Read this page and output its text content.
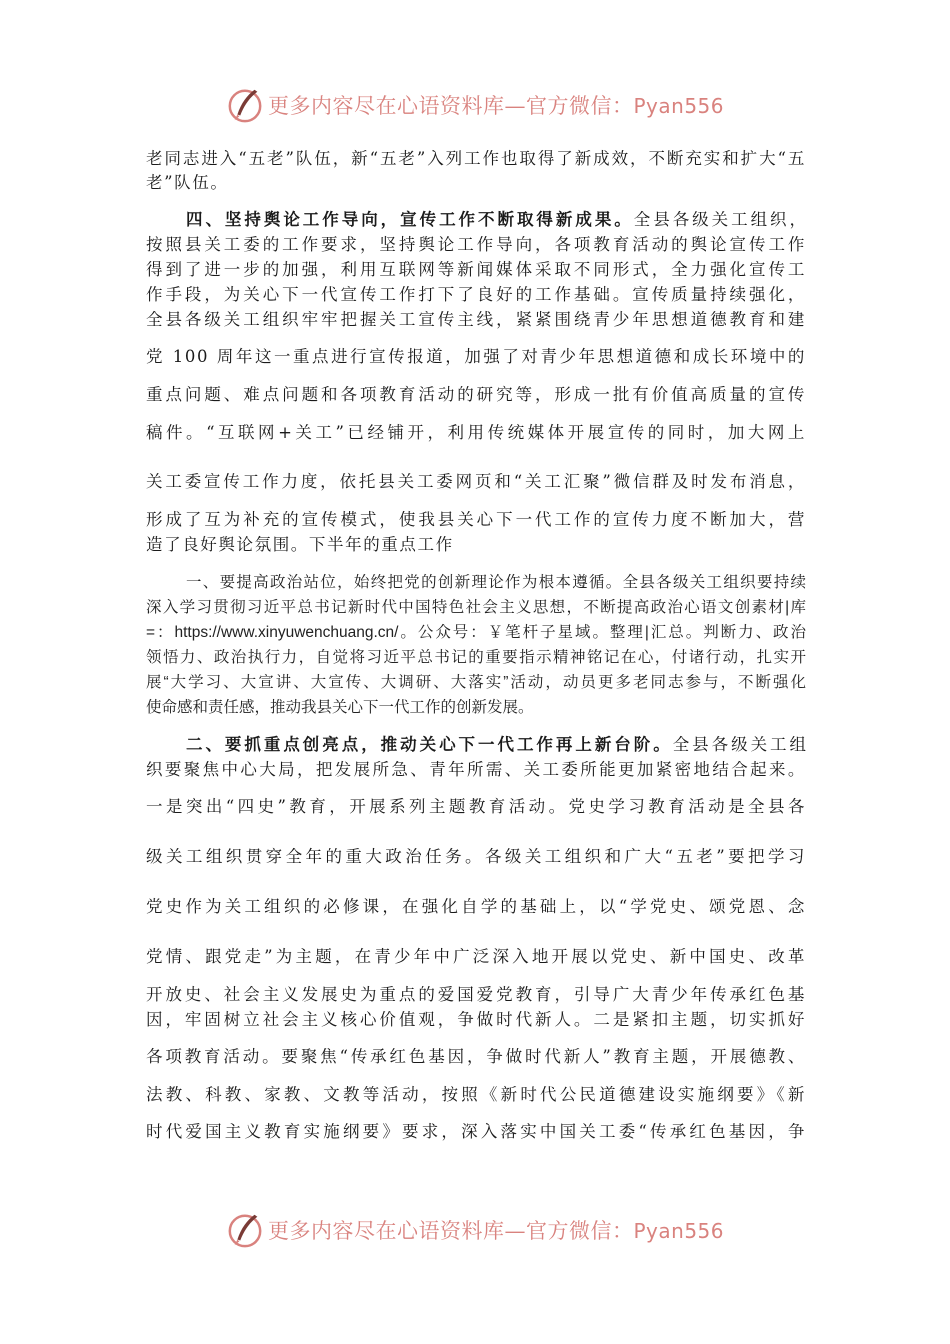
更多内容尽在心语资料库—官方微信：Pyan556
老同志进入“五老”队伍，新“五老”入列工作也取得了新成效，不断充实和扩大“五
老”队伍。
四、坚持舆论工作导向，宣传工作不断取得新成果。全县各级关工组织，
按照县关工委的工作要求，坚持舆论工作导向，各项教育活动的舆论宣传工作
得到了进一步的加强，利用互联网等新闻媒体采取不同形式，全力强化宣传工
作手段，为关心下一代宣传工作打下了良好的工作基础。宣传质量持续强化，
全县各级关工组织牢牢把握关工宣传主线，紧紧围绕青少年思想道德教育和建
党 100 周年这一重点进行宣传报道，加强了对青少年思想道德和成长环境中的
重点问题、难点问题和各项教育活动的研究等，形成一批有价值高质量的宣传
稿件。“互联网+关工”已经铺开，利用传统媒体开展宣传的同时，加大网上
关工委宣传工作力度，依托县关工委网页和“关工汇聚”微信群及时发布消息，
形成了互为补充的宣传模式，使我县关心下一代工作的宣传力度不断加大，营
造了良好舆论氛围。下半年的重点工作
一、要提高政治站位，始终把党的创新理论作为根本遵循。全县各级关工组织要持续
深入学习贯彻习近平总书记新时代中国特色社会主义思想，不断提高政治心语文创素材|库
=：https://www.xinyuwenchuang.cn/。公众号：￥笔杆子星域。整理|汇总。判断力、政治
领悟力、政治执行力，自觉将习近平总书记的重要指示精神铭记在心，付诸行动，扎实开
展“大学习、大宣讲、大宣传、大调研、大落实”活动，动员更多老同志参与，不断强化
使命感和责任感，推动我县关心下一代工作的创新发展。
二、要抓重点创亮点，推动关心下一代工作再上新台阶。全县各级关工组
织要聚焦中心大局，把发展所急、青年所需、关工委所能更加紧密地结合起来。
一是突出“四史”教育，开展系列主题教育活动。党史学习教育活动是全县各
级关工组织贯穿全年的重大政治任务。各级关工组织和广大“五老”要把学习
党史作为关工组织的必修课，在强化自学的基础上，以“学党史、颂党恩、念
党情、跟党走”为主题，在青少年中广泛深入地开展以党史、新中国史、改革
开放史、社会主义发展史为重点的爱国爱党教育，引导广大青少年传承红色基
因，牢固树立社会主义核心价值观，争做时代新人。二是紧扣主题，切实抓好
各项教育活动。要聚焦“传承红色基因，争做时代新人”教育主题，开展德教、
法教、科教、家教、文教等活动，按照《新时代公民道德建设实施纲要》《新
时代爱国主义教育实施纲要》要求，深入落实中国关工委“传承红色基因，争
更多内容尽在心语资料库—官方微信：Pyan556
